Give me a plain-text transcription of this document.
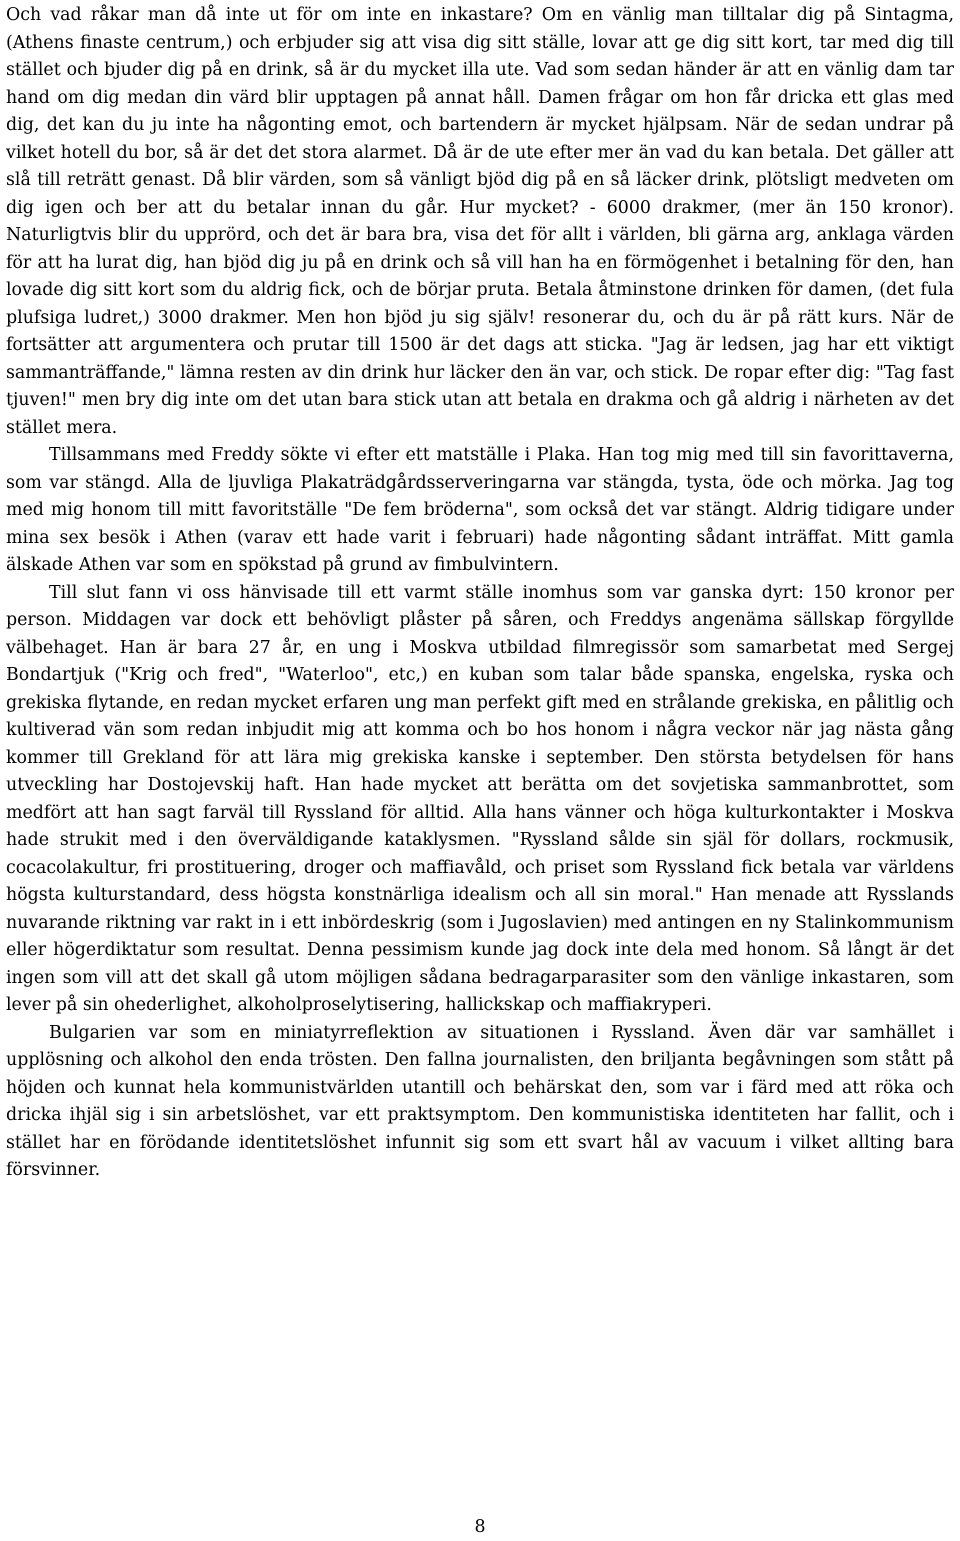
Och vad råkar man då inte ut för om inte en inkastare? Om en vänlig man tilltalar dig på Sintagma, (Athens finaste centrum,) och erbjuder sig att visa dig sitt ställe, lovar att ge dig sitt kort, tar med dig till stället och bjuder dig på en drink, så är du mycket illa ute. Vad som sedan händer är att en vänlig dam tar hand om dig medan din värd blir upptagen på annat håll. Damen frågar om hon får dricka ett glas med dig, det kan du ju inte ha någonting emot, och bartendern är mycket hjälpsam. När de sedan undrar på vilket hotell du bor, så är det det stora alarmet. Då är de ute efter mer än vad du kan betala. Det gäller att slå till reträtt genast. Då blir värden, som så vänligt bjöd dig på en så läcker drink, plötsligt medveten om dig igen och ber att du betalar innan du går. Hur mycket? - 6000 drakmer, (mer än 150 kronor). Naturligtvis blir du upprörd, och det är bara bra, visa det för allt i världen, bli gärna arg, anklaga värden för att ha lurat dig, han bjöd dig ju på en drink och så vill han ha en förmögenhet i betalning för den, han lovade dig sitt kort som du aldrig fick, och de börjar pruta. Betala åtminstone drinken för damen, (det fula plufsiga ludret,) 3000 drakmer. Men hon bjöd ju sig själv! resonerar du, och du är på rätt kurs. När de fortsätter att argumentera och prutar till 1500 är det dags att sticka. "Jag är ledsen, jag har ett viktigt sammanträffande," lämna resten av din drink hur läcker den än var, och stick. De ropar efter dig: "Tag fast tjuven!" men bry dig inte om det utan bara stick utan att betala en drakma och gå aldrig i närheten av det stället mera.

Tillsammans med Freddy sökte vi efter ett matställe i Plaka. Han tog mig med till sin favorittaverna, som var stängd. Alla de ljuvliga Plakaträdgårdsserveringarna var stängda, tysta, öde och mörka. Jag tog med mig honom till mitt favoritställe "De fem bröderna", som också det var stängt. Aldrig tidigare under mina sex besök i Athen (varav ett hade varit i februari) hade någonting sådant inträffat. Mitt gamla älskade Athen var som en spökstad på grund av fimbulvintern.

Till slut fann vi oss hänvisade till ett varmt ställe inomhus som var ganska dyrt: 150 kronor per person. Middagen var dock ett behövligt plåster på såren, och Freddys angenäma sällskap förgyllde välbehaget. Han är bara 27 år, en ung i Moskva utbildad filmregissör som samarbetat med Sergej Bondartjuk ("Krig och fred", "Waterloo", etc,) en kuban som talar både spanska, engelska, ryska och grekiska flytande, en redan mycket erfaren ung man perfekt gift med en strålande grekiska, en pålitlig och kultiverad vän som redan inbjudit mig att komma och bo hos honom i några veckor när jag nästa gång kommer till Grekland för att lära mig grekiska kanske i september. Den största betydelsen för hans utveckling har Dostojevskij haft. Han hade mycket att berätta om det sovjetiska sammanbrottet, som medfört att han sagt farväl till Ryssland för alltid. Alla hans vänner och höga kulturkontakter i Moskva hade strukit med i den överväldigande kataklysmen. "Ryssland sålde sin själ för dollars, rockmusik, cocacolakultur, fri prostituering, droger och maffiavåld, och priset som Ryssland fick betala var världens högsta kulturstandard, dess högsta konstnärliga idealism och all sin moral." Han menade att Rysslands nuvarande riktning var rakt in i ett inbördeskrig (som i Jugoslavien) med antingen en ny Stalinkommunism eller högerdiktatur som resultat. Denna pessimism kunde jag dock inte dela med honom. Så långt är det ingen som vill att det skall gå utom möjligen sådana bedragarparasiter som den vänlige inkastaren, som lever på sin ohederlighet, alkoholproselytisering, hallickskap och maffiakryperi.

Bulgarien var som en miniatyrreflektion av situationen i Ryssland. Även där var samhället i upplösning och alkohol den enda trösten. Den fallna journalisten, den briljanta begåvningen som stått på höjden och kunnat hela kommunistvärlden utantill och behärskat den, som var i färd med att röka och dricka ihjäl sig i sin arbetslöshet, var ett praktsymptom. Den kommunistiska identiteten har fallit, och i stället har en förödande identitetslöshet infunnit sig som ett svart hål av vacuum i vilket allting bara försvinner.

8
